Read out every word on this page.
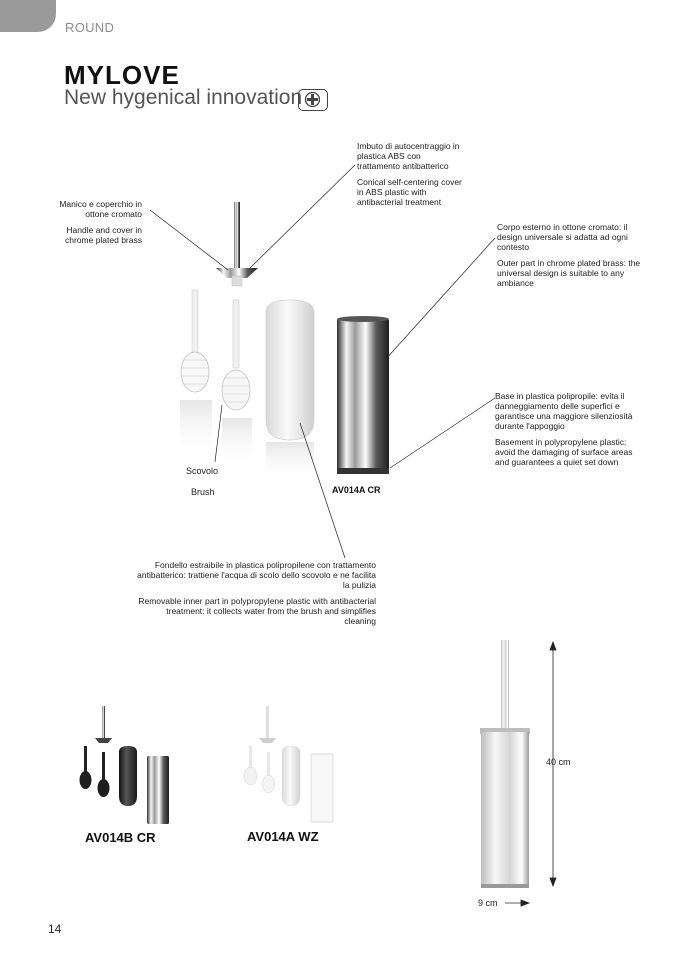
ROUND
MYLOVE
New hygenical innovation

Imbuto di autocentraggio in plastica ABS con trattamento antibatterico

Conical self-centering cover in ABS plastic with antibacterial treatment

Manico e coperchio in ottone cromato

Handle and cover in chrome plated brass

Corpo esterno in ottone cromato: il design universale si adatta ad ogni contesto

Outer part in chrome plated brass: the universal design is suitable to any ambiance

Base in plastica polipropile: evita il danneggiamento delle superfici e garantisce una maggiore silenziosità durante l'appoggio

Basement in polypropylene plastic: avoid the damaging of surface areas and guarantees a quiet set down

Scovolo
Brush	AV014A CR

Fondello estraibile in plastica polipropilene con trattamento antibatterico: trattiene l'acqua di scolo dello scovolo e ne facilita la pulizia

Removable inner part in polypropylene plastic with antibacterial treatment: it collects water from the brush and simplifies cleaning

AV014B CR	AV014A WZ
40 cm
9 cm
14
